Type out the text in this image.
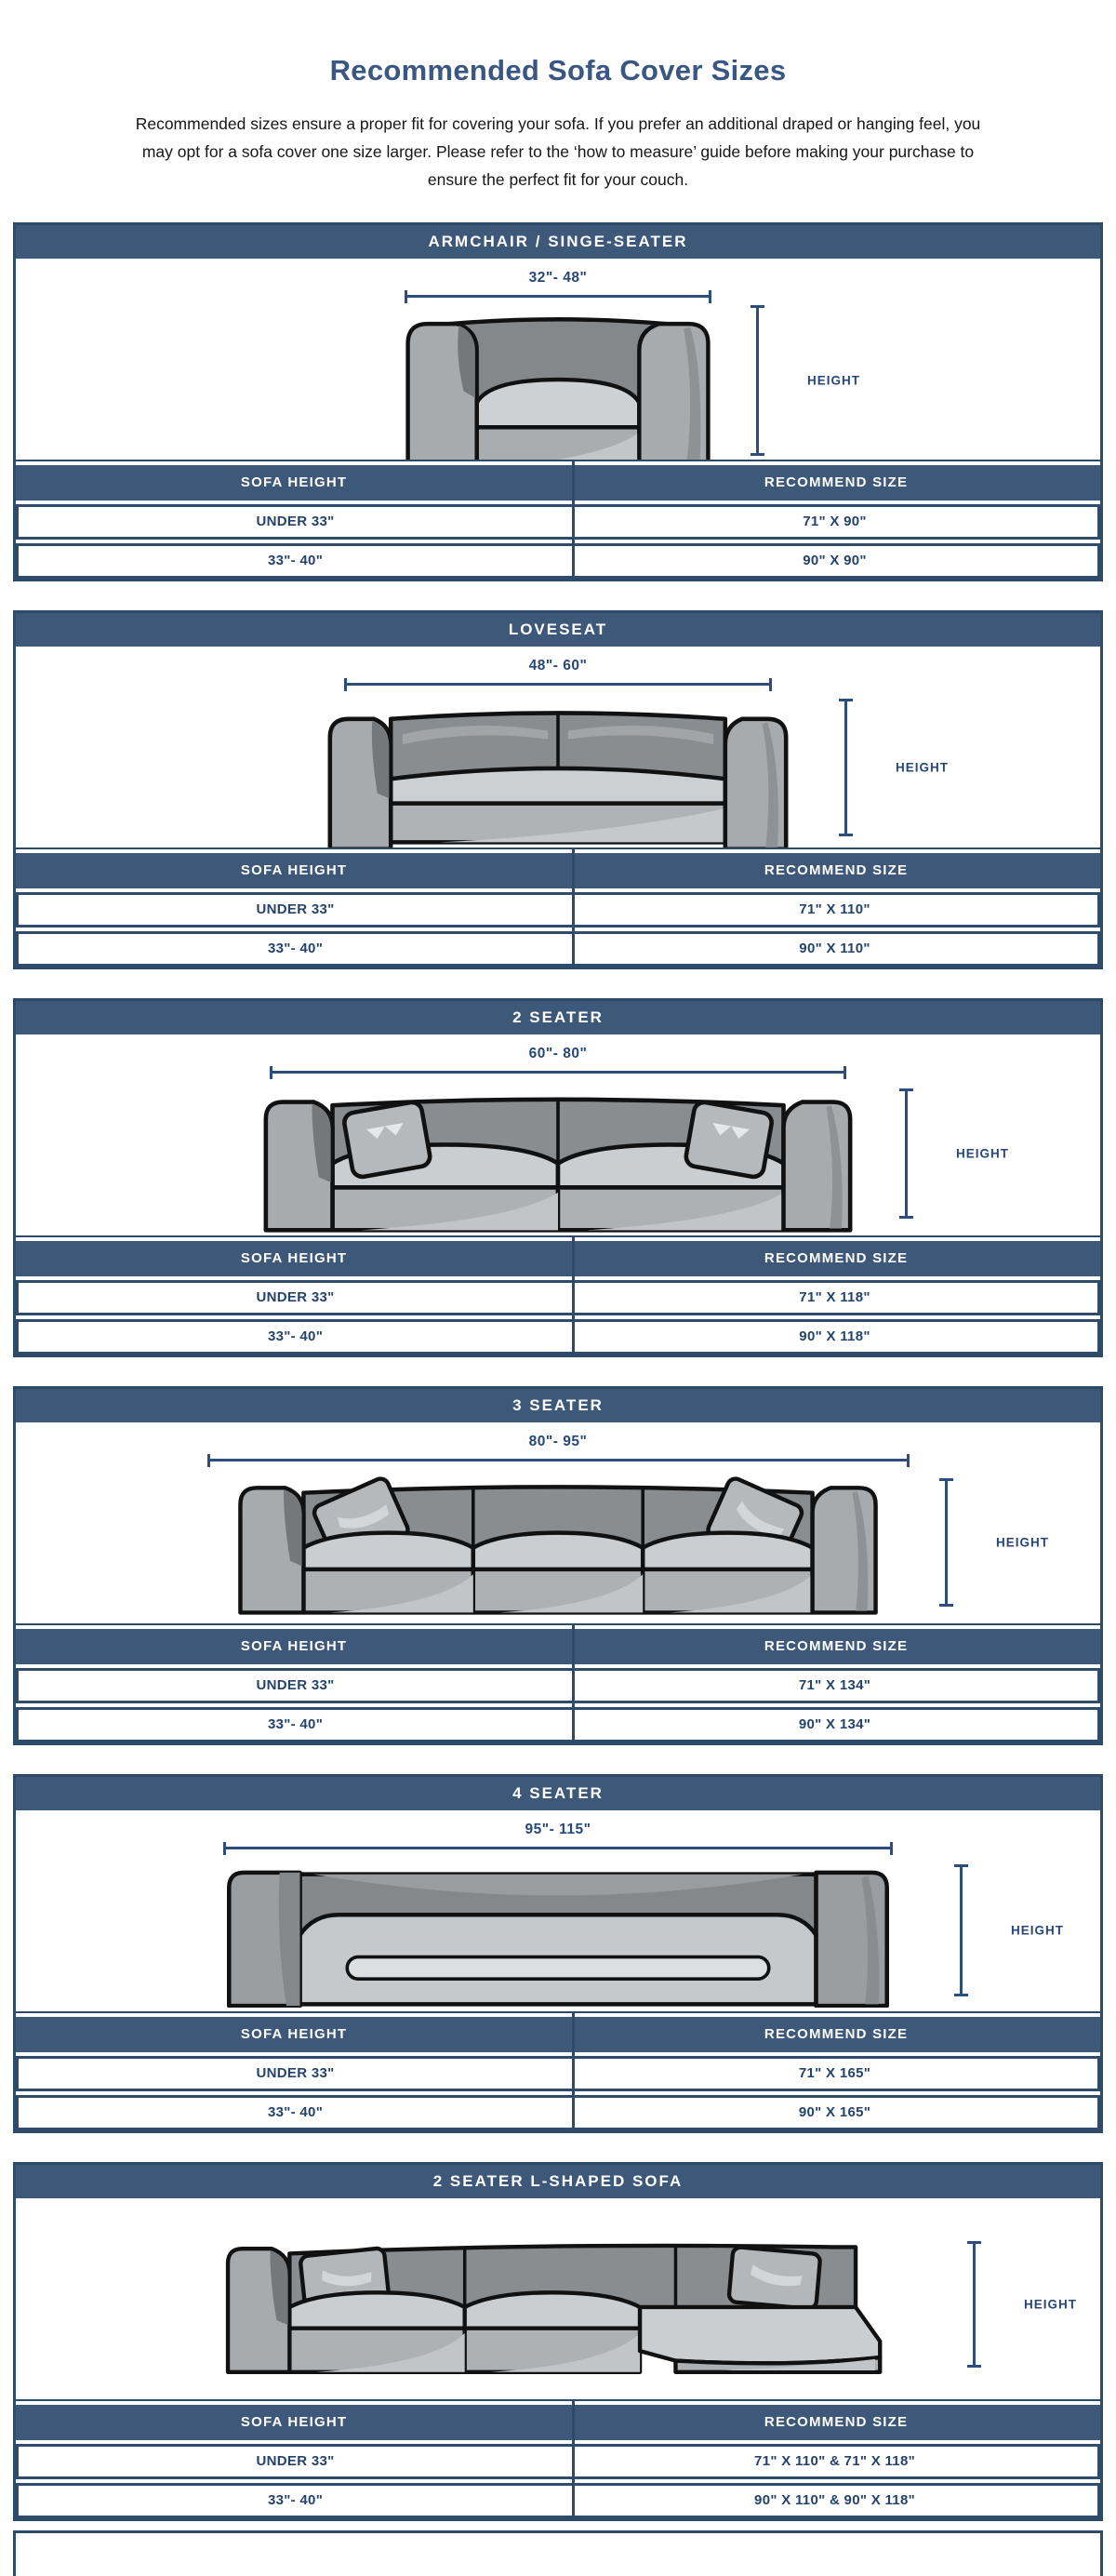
Recommended Sofa Cover Sizes
Recommended sizes ensure a proper fit for covering your sofa. If you prefer an additional draped or hanging feel, you
may opt for a sofa cover one size larger. Please refer to the ‘how to measure’ guide before making your purchase to
ensure the perfect fit for your couch.
ARMCHAIR / SINGE-SEATER
32"- 48"
HEIGHT
SOFA HEIGHT	RECOMMEND SIZE
UNDER 33"	71" X 90"
33"- 40"	90" X 90"
LOVESEAT
48"- 60"
HEIGHT
SOFA HEIGHT	RECOMMEND SIZE
UNDER 33"	71" X 110"
33"- 40"	90" X 110"
2 SEATER
60"- 80"
HEIGHT
SOFA HEIGHT	RECOMMEND SIZE
UNDER 33"	71" X 118"
33"- 40"	90" X 118"
3 SEATER
80"- 95"
HEIGHT
SOFA HEIGHT	RECOMMEND SIZE
UNDER 33"	71" X 134"
33"- 40"	90" X 134"
4 SEATER
95"- 115"
HEIGHT
SOFA HEIGHT	RECOMMEND SIZE
UNDER 33"	71" X 165"
33"- 40"	90" X 165"
2 SEATER L-SHAPED SOFA
HEIGHT
SOFA HEIGHT	RECOMMEND SIZE
UNDER 33"	71" X 110" & 71" X 118"
33"- 40"	90" X 110" & 90" X 118"
